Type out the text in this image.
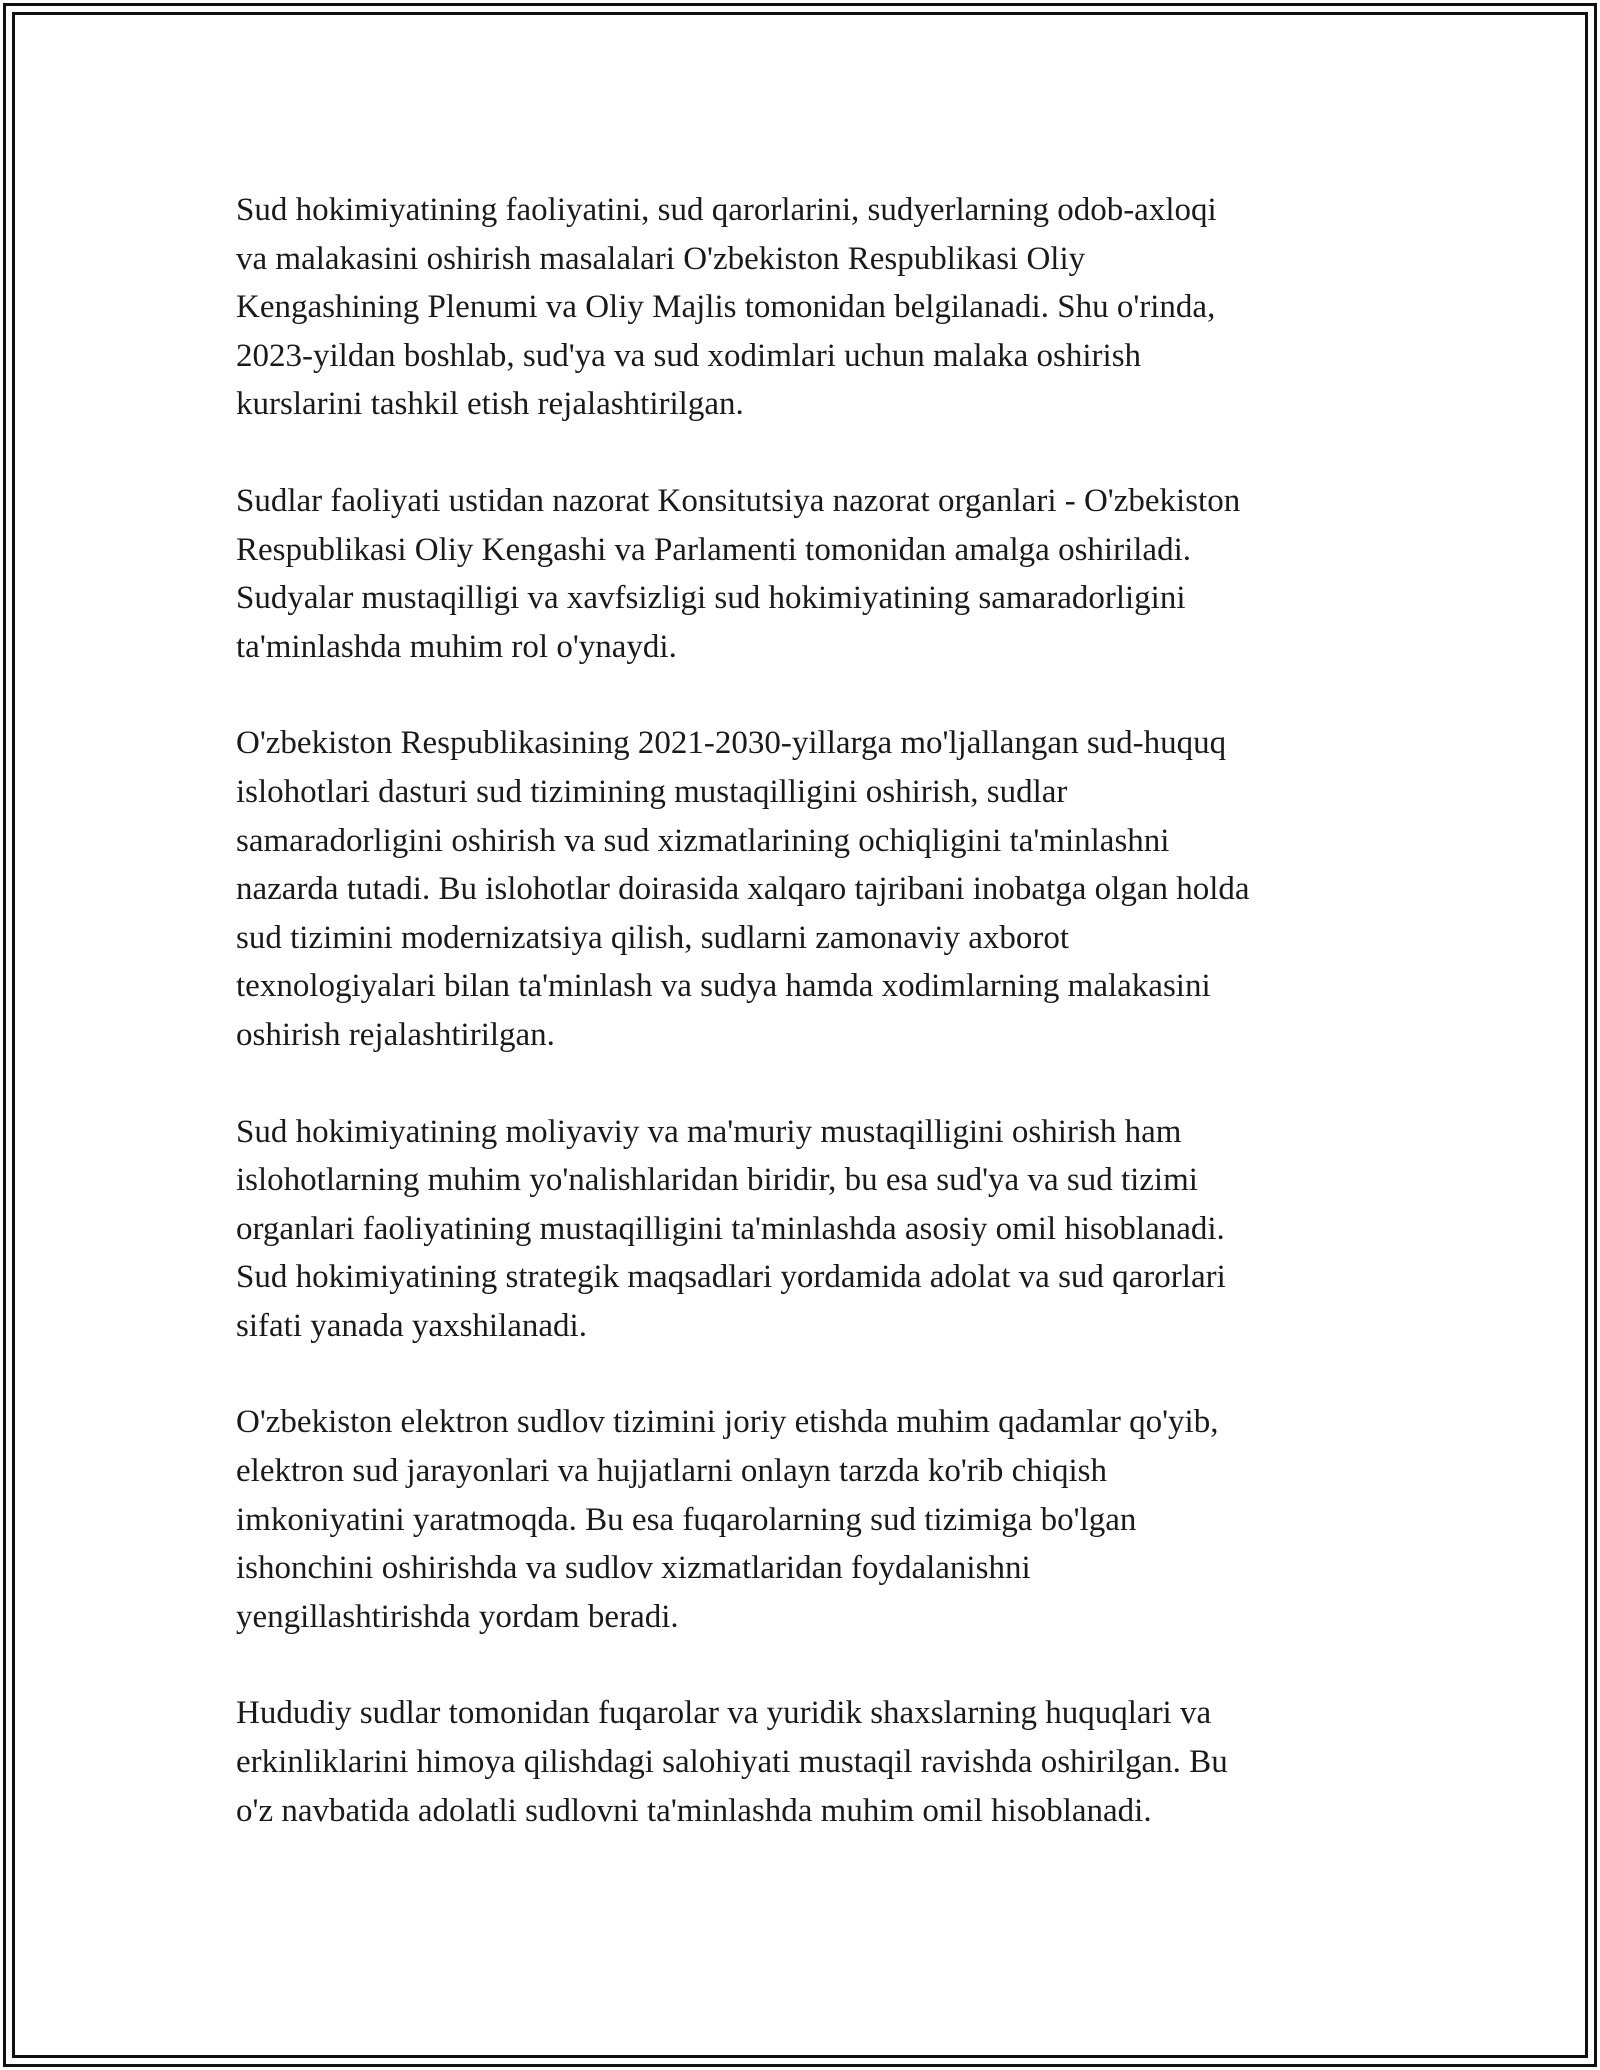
Sud hokimiyatining faoliyatini, sud qarorlarini, sudyerlarning odob-axloqi
va malakasini oshirish masalalari O'zbekiston Respublikasi Oliy
Kengashining Plenumi va Oliy Majlis tomonidan belgilanadi. Shu o'rinda,
2023-yildan boshlab, sud'ya va sud xodimlari uchun malaka oshirish
kurslarini tashkil etish rejalashtirilgan.

Sudlar faoliyati ustidan nazorat Konsitutsiya nazorat organlari - O'zbekiston
Respublikasi Oliy Kengashi va Parlamenti tomonidan amalga oshiriladi.
Sudyalar mustaqilligi va xavfsizligi sud hokimiyatining samaradorligini
ta'minlashda muhim rol o'ynaydi.

O'zbekiston Respublikasining 2021-2030-yillarga mo'ljallangan sud-huquq
islohotlari dasturi sud tizimining mustaqilligini oshirish, sudlar
samaradorligini oshirish va sud xizmatlarining ochiqligini ta'minlashni
nazarda tutadi. Bu islohotlar doirasida xalqaro tajribani inobatga olgan holda
sud tizimini modernizatsiya qilish, sudlarni zamonaviy axborot
texnologiyalari bilan ta'minlash va sudya hamda xodimlarning malakasini
oshirish rejalashtirilgan.

Sud hokimiyatining moliyaviy va ma'muriy mustaqilligini oshirish ham
islohotlarning muhim yo'nalishlaridan biridir, bu esa sud'ya va sud tizimi
organlari faoliyatining mustaqilligini ta'minlashda asosiy omil hisoblanadi.
Sud hokimiyatining strategik maqsadlari yordamida adolat va sud qarorlari
sifati yanada yaxshilanadi.

O'zbekiston elektron sudlov tizimini joriy etishda muhim qadamlar qo'yib,
elektron sud jarayonlari va hujjatlarni onlayn tarzda ko'rib chiqish
imkoniyatini yaratmoqda. Bu esa fuqarolarning sud tizimiga bo'lgan
ishonchini oshirishda va sudlov xizmatlaridan foydalanishni
yengillashtirishda yordam beradi.

Hududiy sudlar tomonidan fuqarolar va yuridik shaxslarning huquqlari va
erkinliklarini himoya qilishdagi salohiyati mustaqil ravishda oshirilgan. Bu
o'z navbatida adolatli sudlovni ta'minlashda muhim omil hisoblanadi.
